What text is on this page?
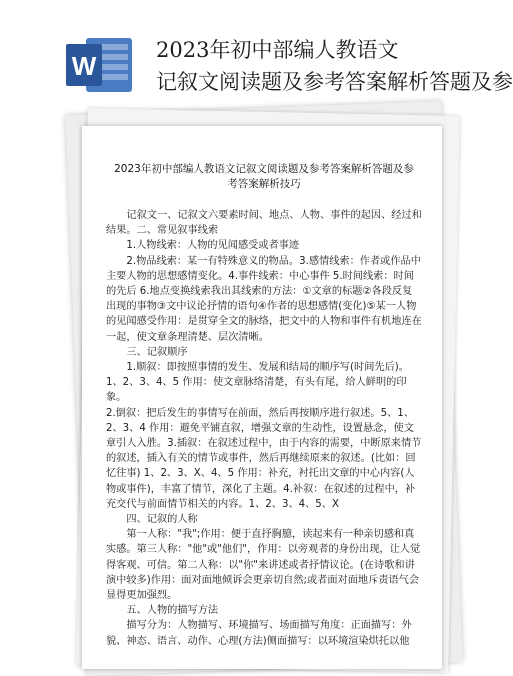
W
2023年初中部编人教语文
记叙文阅读题及参考答案解析答题及参
2023年初中部编人教语文记叙文阅读题及参考答案解析答题及参考答案解析技巧

记叙文一、记叙文六要素时间、地点、人物、事件的起因、经过和结果。二、常见叙事线索

1.人物线索：人物的见闻感受或者事迹

2.物品线索：某一有特殊意义的物品。3.感情线索：作者或作品中主要人物的思想感情变化。4.事件线索：中心事件 5.时间线索：时间的先后 6.地点变换线索我出其线索的方法：①文章的标题②各段反复出现的事物③文中议论抒情的语句④作者的思想感情(变化)⑤某一人物的见闻感受作用：是贯穿全文的脉络，把文中的人物和事件有机地连在一起，使文章条理清楚、层次清晰。

三、记叙顺序

1.顺叙：即按照事情的发生、发展和结局的顺序写(时间先后)。1、2、3、4、5 作用：使文章脉络清楚，有头有尾，给人鲜明的印象。

2.倒叙：把后发生的事情写在前面，然后再按顺序进行叙述。5、1、2、3、4 作用：避免平铺直叙，增强文章的生动性，设置悬念，使文章引人入胜。3.插叙：在叙述过程中，由于内容的需要，中断原来情节的叙述，插入有关的情节或事件，然后再继续原来的叙述。(比如：回忆往事) 1、2、3、X、4、5 作用：补充，衬托出文章的中心内容(人物或事件)，丰富了情节，深化了主题。4.补叙：在叙述的过程中，补充交代与前面情节相关的内容。1、2、3、4、5、X

四、记叙的人称

第一人称："我";作用：便于直抒胸臆，读起来有一种亲切感和真实感。第三人称："他"或"他们"，作用：以旁观者的身份出现，让人觉得客观、可信。第二人称：以"你"来讲述或者抒情议论。(在诗歌和讲演中较多)作用：面对面地倾诉会更亲切自然;或者面对面地斥责语气会显得更加强烈。

五、人物的描写方法

描写分为：人物描写、环境描写、场面描写角度：正面描写：外貌、神态、语言、动作、心理(方法)侧面描写：以环境渲染烘托以他
